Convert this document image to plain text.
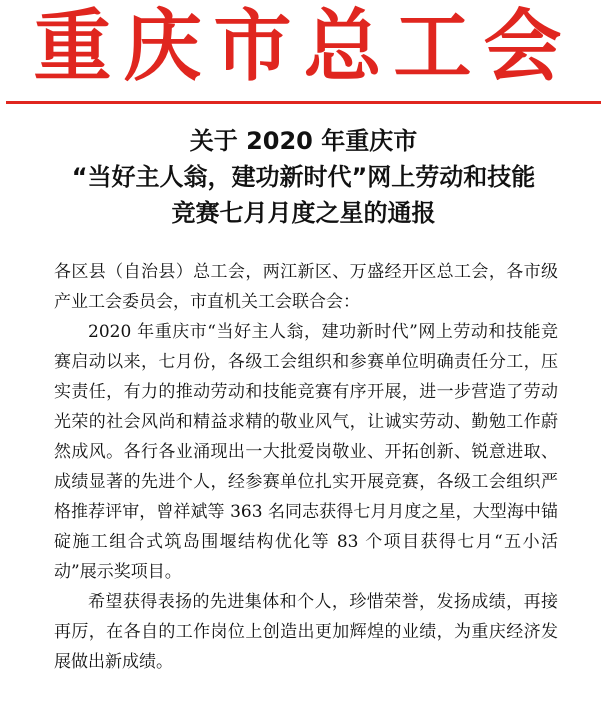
重庆市总工会
关于 2020 年重庆市
“当好主人翁，建功新时代”网上劳动和技能
竞赛七月月度之星的通报

各区县（自治县）总工会，两江新区、万盛经开区总工会，各市级产业工会委员会，市直机关工会联合会：

2020 年重庆市“当好主人翁，建功新时代”网上劳动和技能竞赛启动以来，七月份，各级工会组织和参赛单位明确责任分工，压实责任，有力的推动劳动和技能竞赛有序开展，进一步营造了劳动光荣的社会风尚和精益求精的敬业风气，让诚实劳动、勤勉工作蔚然成风。各行各业涌现出一大批爱岗敬业、开拓创新、锐意进取、成绩显著的先进个人，经参赛单位扎实开展竞赛，各级工会组织严格推荐评审，曾祥斌等 363 名同志获得七月月度之星，大型海中锚碇施工组合式筑岛围堰结构优化等 83 个项目获得七月“五小活动”展示奖项目。

希望获得表扬的先进集体和个人，珍惜荣誉，发扬成绩，再接再厉，在各自的工作岗位上创造出更加辉煌的业绩，为重庆经济发展做出新成绩。
